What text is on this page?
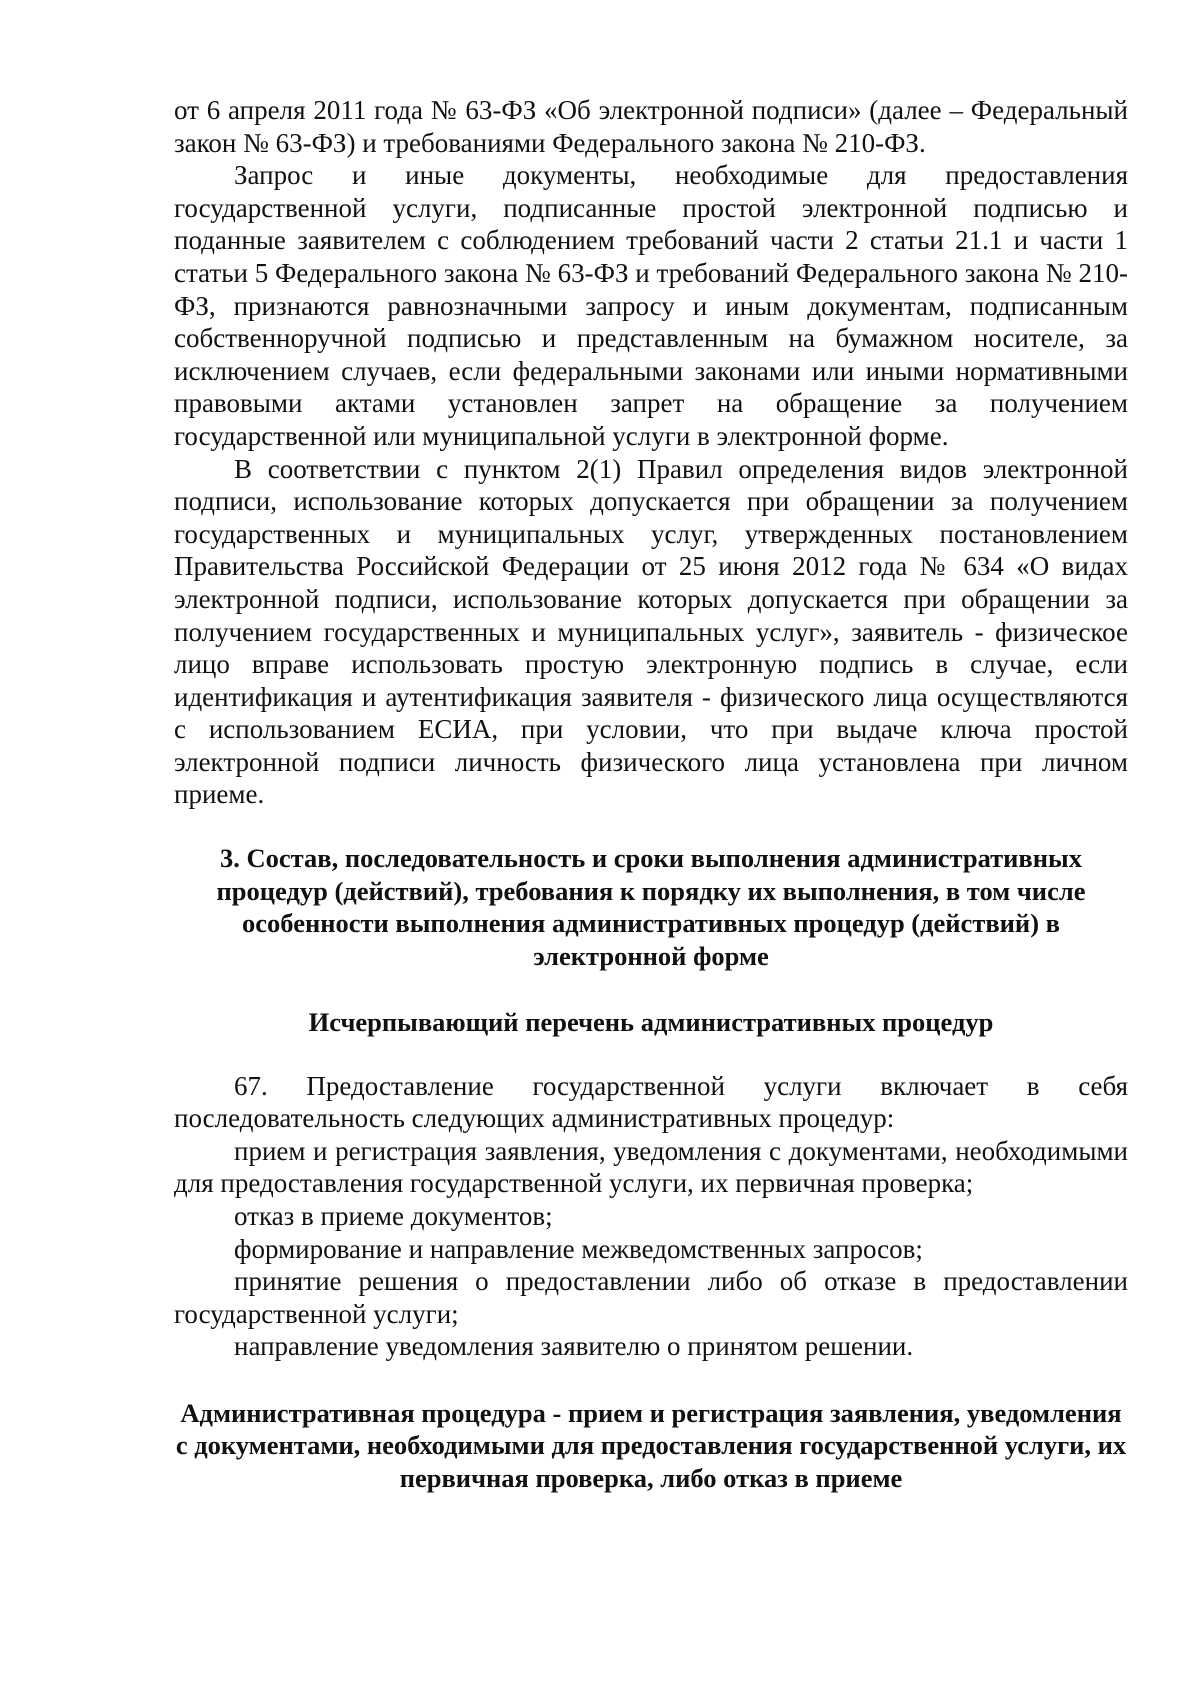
от 6 апреля 2011 года № 63-ФЗ «Об электронной подписи» (далее – Федеральный закон № 63-ФЗ) и требованиями Федерального закона № 210-ФЗ.

Запрос и иные документы, необходимые для предоставления государственной услуги, подписанные простой электронной подписью и поданные заявителем с соблюдением требований части 2 статьи 21.1 и части 1 статьи 5 Федерального закона № 63-ФЗ и требований Федерального закона № 210-ФЗ, признаются равнозначными запросу и иным документам, подписанным собственноручной подписью и представленным на бумажном носителе, за исключением случаев, если федеральными законами или иными нормативными правовыми актами установлен запрет на обращение за получением государственной или муниципальной услуги в электронной форме.

В соответствии с пунктом 2(1) Правил определения видов электронной подписи, использование которых допускается при обращении за получением государственных и муниципальных услуг, утвержденных постановлением Правительства Российской Федерации от 25 июня 2012 года № 634 «О видах электронной подписи, использование которых допускается при обращении за получением государственных и муниципальных услуг», заявитель - физическое лицо вправе использовать простую электронную подпись в случае, если идентификация и аутентификация заявителя - физического лица осуществляются с использованием ЕСИА, при условии, что при выдаче ключа простой электронной подписи личность физического лица установлена при личном приеме.

3. Состав, последовательность и сроки выполнения административных процедур (действий), требования к порядку их выполнения, в том числе особенности выполнения административных процедур (действий) в электронной форме

Исчерпывающий перечень административных процедур

67. Предоставление государственной услуги включает в себя последовательность следующих административных процедур:

прием и регистрация заявления, уведомления с документами, необходимыми для предоставления государственной услуги, их первичная проверка;

отказ в приеме документов;

формирование и направление межведомственных запросов;

принятие решения о предоставлении либо об отказе в предоставлении государственной услуги;

направление уведомления заявителю о принятом решении.

Административная процедура - прием и регистрация заявления, уведомления с документами, необходимыми для предоставления государственной услуги, их первичная проверка, либо отказ в приеме
